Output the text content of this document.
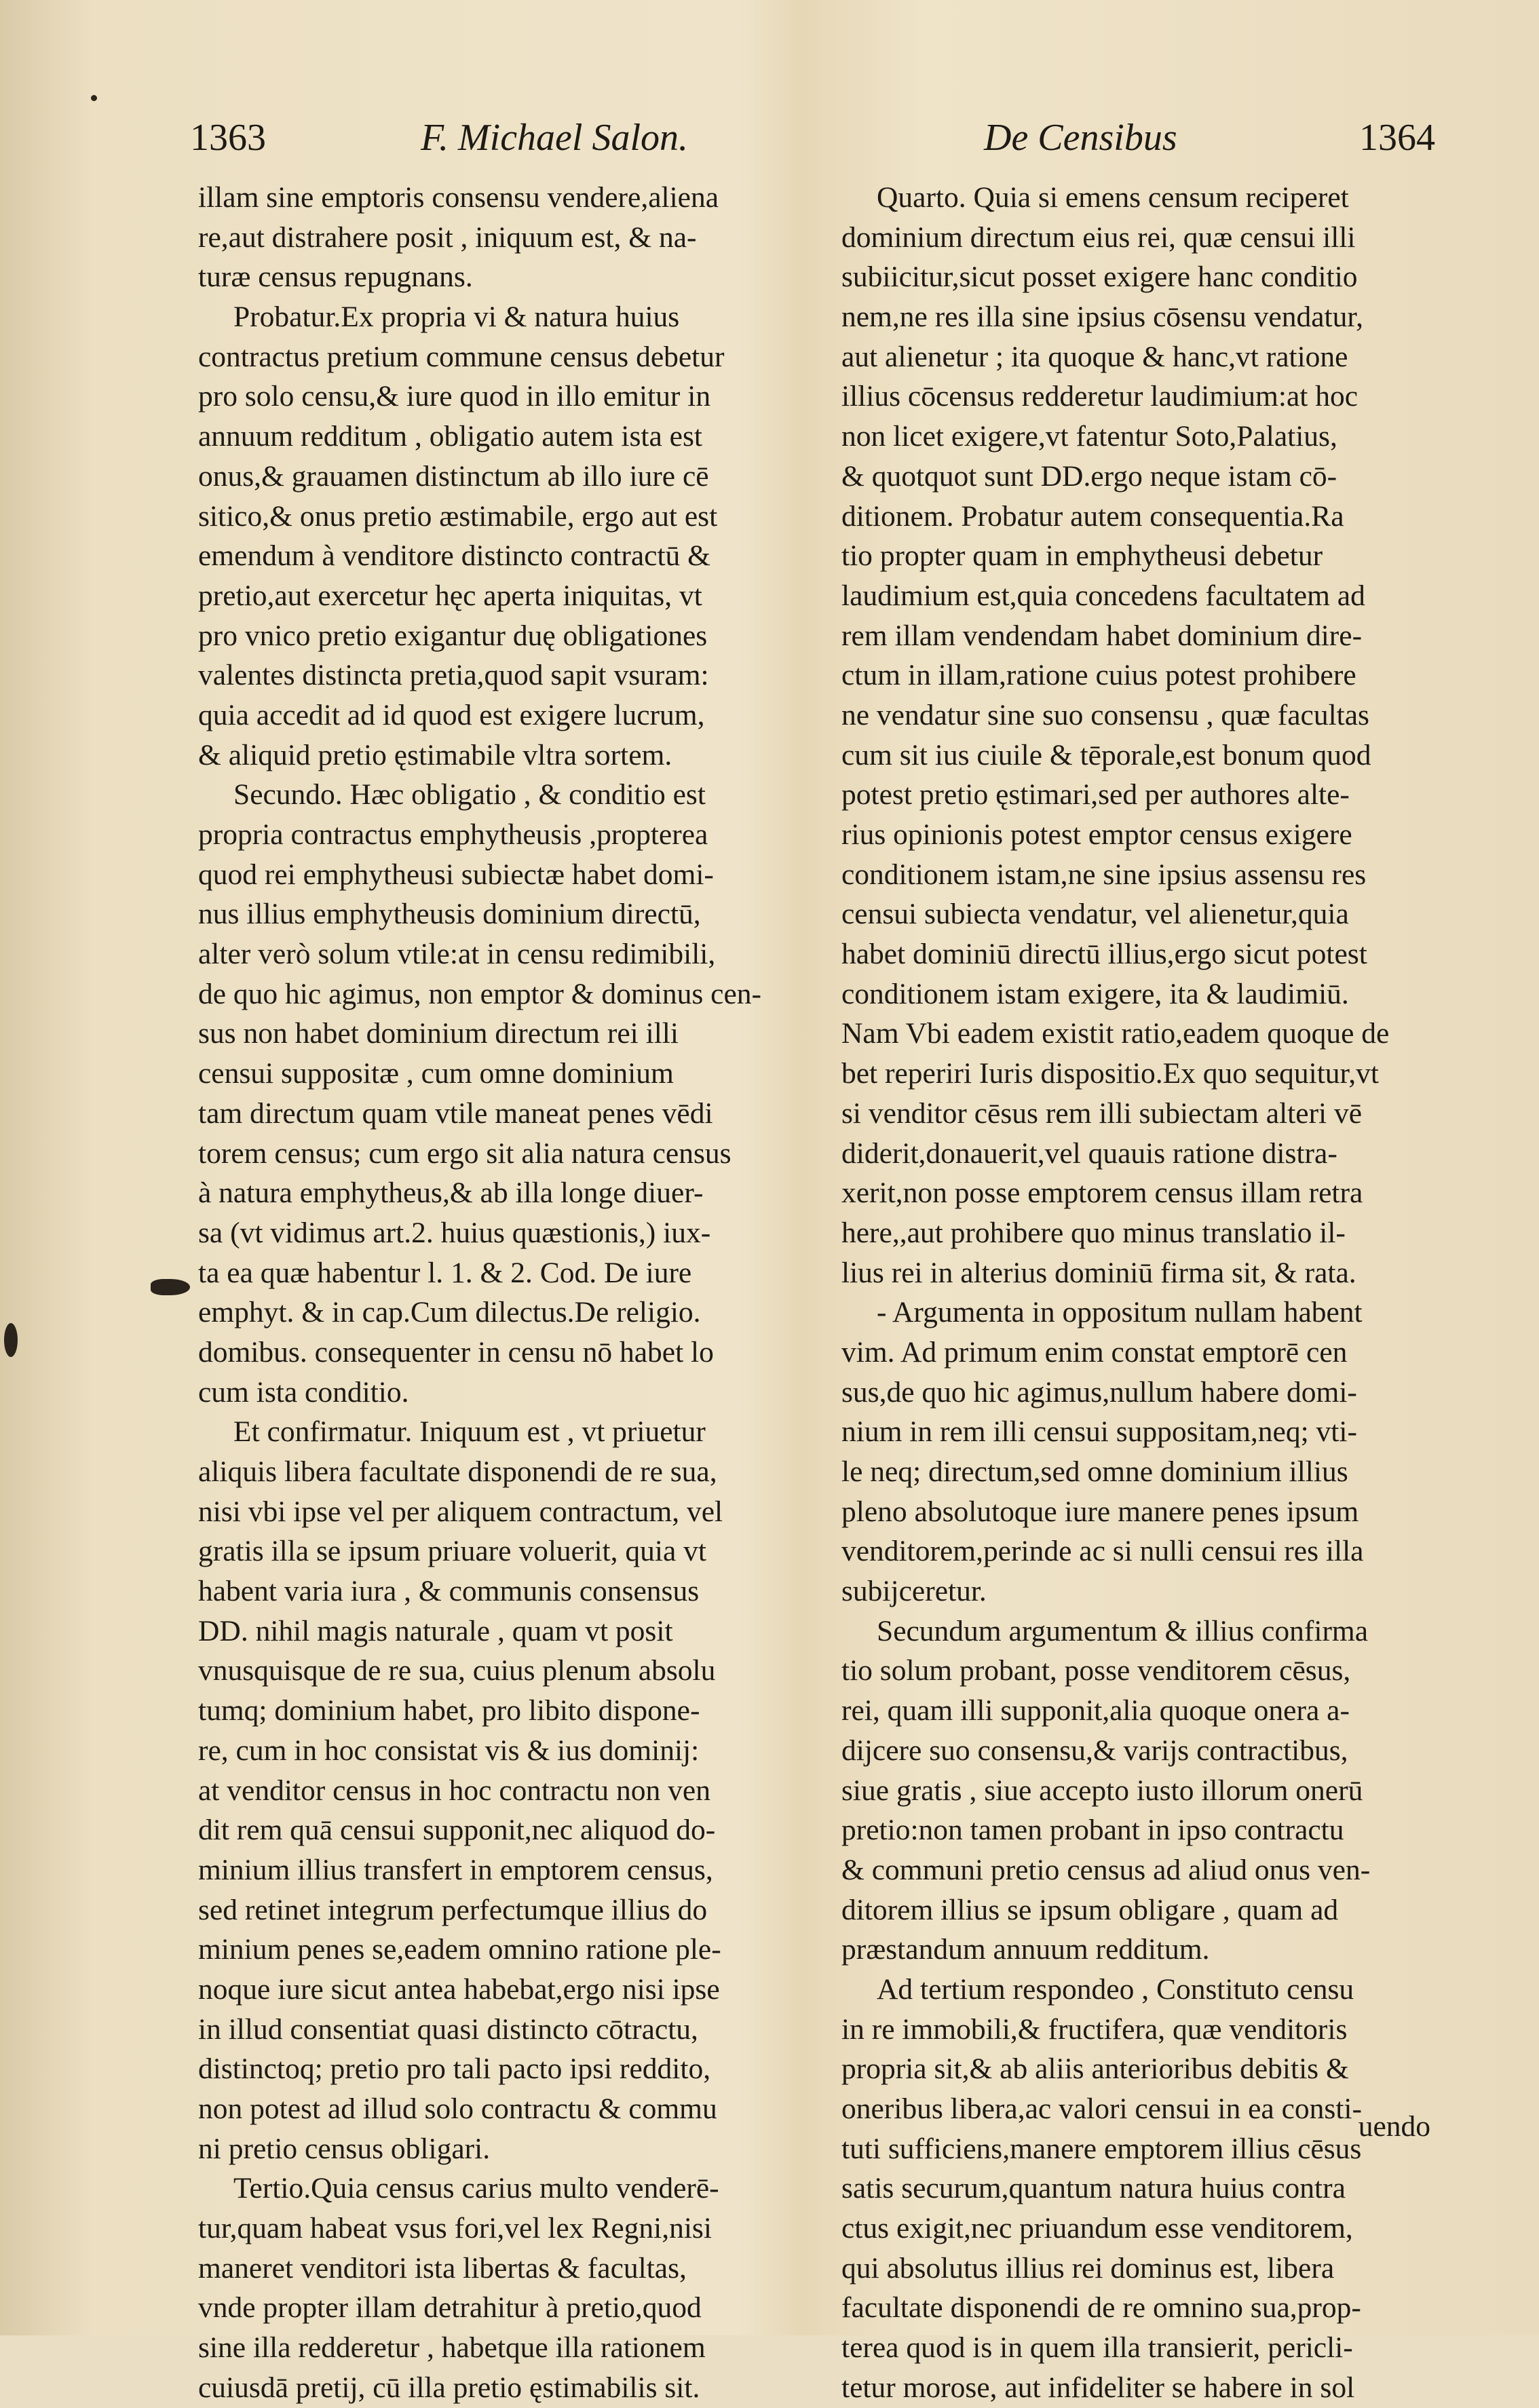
1363	F. Michael Salon.	De Censibus	1364
illam sine emptoris consensu vendere,aliena
re,aut distrahere posit , iniquum est, & na-
turæ census repugnans.
Probatur.Ex propria vi & natura huius
contractus pretium commune census debetur
pro solo censu,& iure quod in illo emitur in
annuum redditum , obligatio autem ista est
onus,& grauamen distinctum ab illo iure cē
sitico,& onus pretio æstimabile, ergo aut est
emendum à venditore distincto contractū &
pretio,aut exercetur hęc aperta iniquitas, vt
pro vnico pretio exigantur duę obligationes
valentes distincta pretia,quod sapit vsuram:
quia accedit ad id quod est exigere lucrum,
& aliquid pretio ęstimabile vltra sortem.
Secundo. Hæc obligatio , & conditio est
propria contractus emphytheusis ,propterea
quod rei emphytheusi subiectæ habet domi-
nus illius emphytheusis dominium directū,
alter verò solum vtile:at in censu redimibili,
de quo hic agimus, non emptor & dominus cen-
sus non habet dominium directum rei illi
censui suppositæ , cum omne dominium
tam directum quam vtile maneat penes vēdi
torem census; cum ergo sit alia natura census
à natura emphytheus,& ab illa longe diuer-
sa (vt vidimus art.2. huius quæstionis,) iux-
ta ea quæ habentur l. 1. & 2. Cod. De iure
emphyt. & in cap.Cum dilectus.De religio.
domibus. consequenter in censu nō habet lo
cum ista conditio.
Et confirmatur. Iniquum est , vt priuetur
aliquis libera facultate disponendi de re sua,
nisi vbi ipse vel per aliquem contractum, vel
gratis illa se ipsum priuare voluerit, quia vt
habent varia iura , & communis consensus
DD. nihil magis naturale , quam vt posit
vnusquisque de re sua, cuius plenum absolu
tumq; dominium habet, pro libito dispone-
re, cum in hoc consistat vis & ius dominij:
at venditor census in hoc contractu non ven
dit rem quā censui supponit,nec aliquod do-
minium illius transfert in emptorem census,
sed retinet integrum perfectumque illius do
minium penes se,eadem omnino ratione ple-
noque iure sicut antea habebat,ergo nisi ipse
in illud consentiat quasi distincto cōtractu,
distinctoq; pretio pro tali pacto ipsi reddito,
non potest ad illud solo contractu & commu
ni pretio census obligari.
Tertio.Quia census carius multo venderē-
tur,quam habeat vsus fori,vel lex Regni,nisi
maneret venditori ista libertas & facultas,
vnde propter illam detrahitur à pretio,quod
sine illa redderetur , habetque illa rationem
cuiusdā pretij, cū illa pretio ęstimabilis sit.
Quarto. Quia si emens censum reciperet
dominium directum eius rei, quæ censui illi
subiicitur,sicut posset exigere hanc conditio
nem,ne res illa sine ipsius cōsensu vendatur,
aut alienetur ; ita quoque & hanc,vt ratione
illius cōcensus redderetur laudimium:at hoc
non licet exigere,vt fatentur Soto,Palatius,
& quotquot sunt DD.ergo neque istam cō-
ditionem. Probatur autem consequentia.Ra
tio propter quam in emphytheusi debetur
laudimium est,quia concedens facultatem ad
rem illam vendendam habet dominium dire-
ctum in illam,ratione cuius potest prohibere
ne vendatur sine suo consensu , quæ facultas
cum sit ius ciuile & tēporale,est bonum quod
potest pretio ęstimari,sed per authores alte-
rius opinionis potest emptor census exigere
conditionem istam,ne sine ipsius assensu res
censui subiecta vendatur, vel alienetur,quia
habet dominiū directū illius,ergo sicut potest
conditionem istam exigere, ita & laudimiū.
Nam Vbi eadem existit ratio,eadem quoque de
bet reperiri Iuris dispositio.Ex quo sequitur,vt
si venditor cēsus rem illi subiectam alteri vē
diderit,donauerit,vel quauis ratione distra-
xerit,non posse emptorem census illam retra
here,,aut prohibere quo minus translatio il-
lius rei in alterius dominiū firma sit, & rata.
- Argumenta in oppositum nullam habent
vim. Ad primum enim constat emptorē cen
sus,de quo hic agimus,nullum habere domi-
nium in rem illi censui suppositam,neq; vti-
le neq; directum,sed omne dominium illius
pleno absolutoque iure manere penes ipsum
venditorem,perinde ac si nulli censui res illa
subijceretur.
Secundum argumentum & illius confirma
tio solum probant, posse venditorem cēsus,
rei, quam illi supponit,alia quoque onera a-
dijcere suo consensu,& varijs contractibus,
siue gratis , siue accepto iusto illorum onerū
pretio:non tamen probant in ipso contractu
& communi pretio census ad aliud onus ven-
ditorem illius se ipsum obligare , quam ad
præstandum annuum redditum.
Ad tertium respondeo , Constituto censu
in re immobili,& fructifera, quæ venditoris
propria sit,& ab aliis anterioribus debitis &
oneribus libera,ac valori censui in ea consti-
tuti sufficiens,manere emptorem illius cēsus
satis securum,quantum natura huius contra
ctus exigit,nec priuandum esse venditorem,
qui absolutus illius rei dominus est, libera
facultate disponendi de re omnino sua,prop-
terea quod is in quem illa transierit, pericli-
tetur morose, aut infideliter se habere in sol
uendo
